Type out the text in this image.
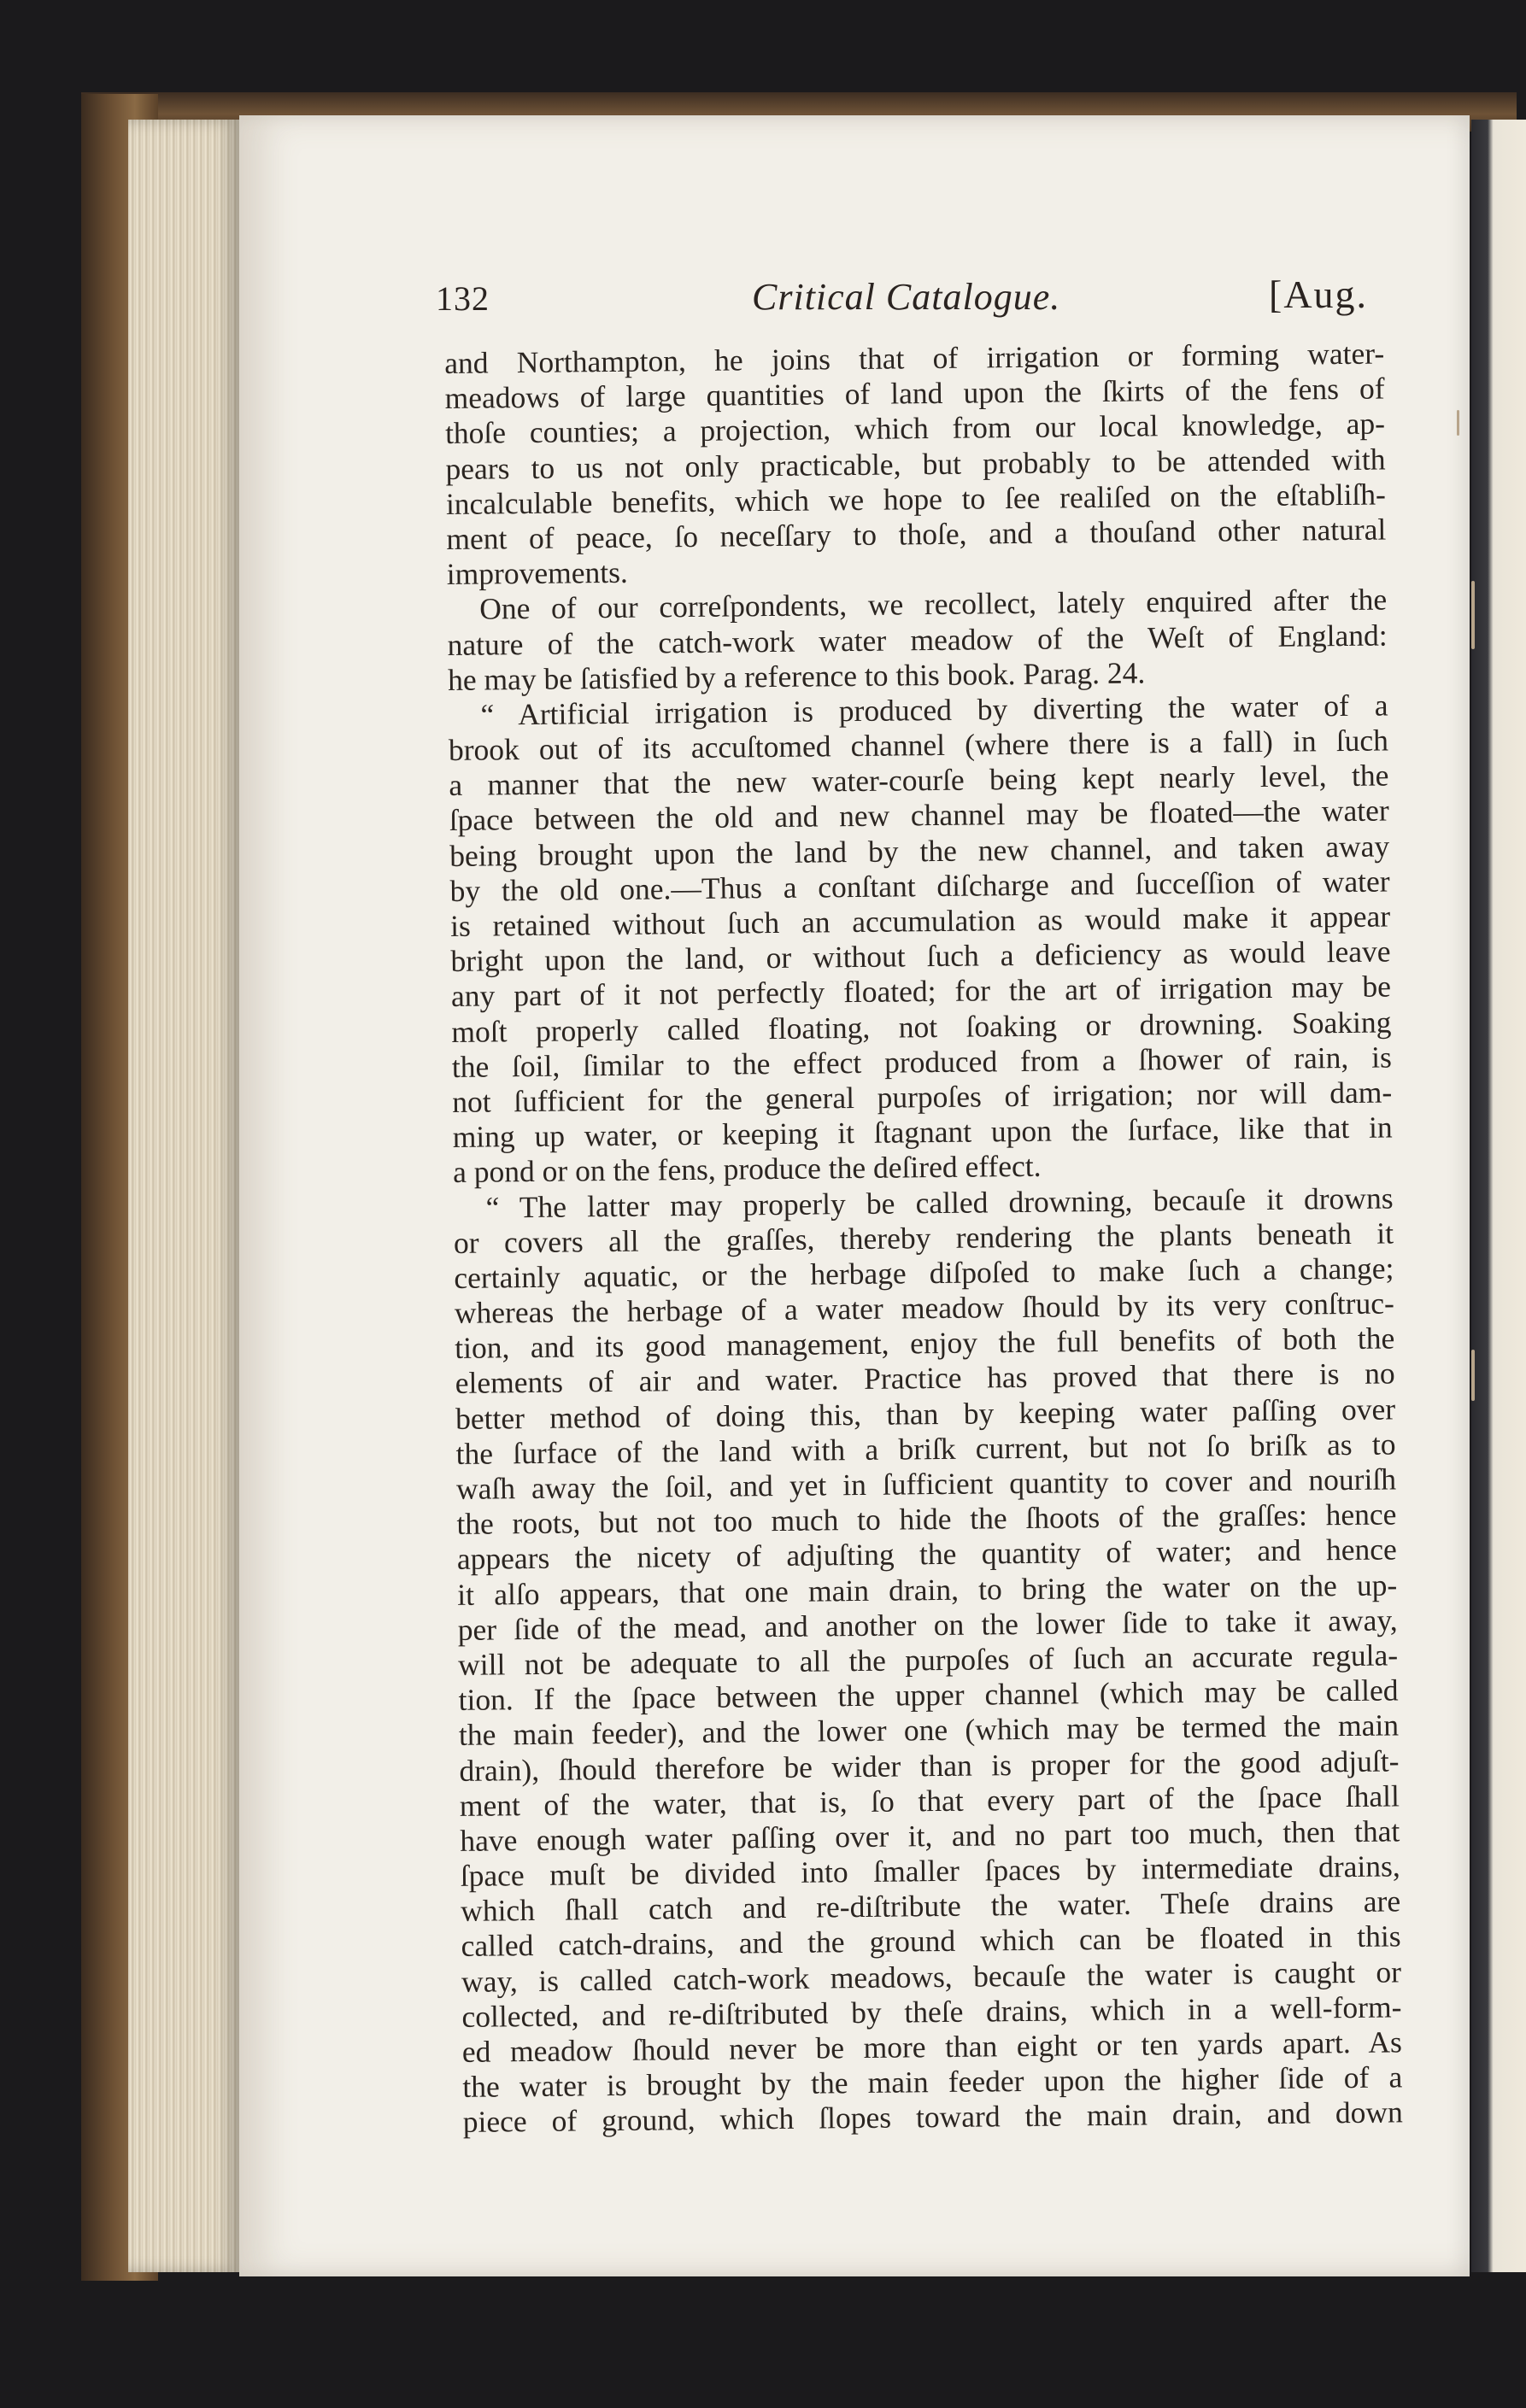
132	Critical Catalogue.	[Aug.
and Northampton, he joins that of irrigation or forming water-
meadows of large quantities of land upon the ſkirts of the fens of
thoſe counties; a projection, which from our local knowledge, ap-
pears to us not only practicable, but probably to be attended with
incalculable benefits, which we hope to ſee realiſed on the eſtabliſh-
ment of peace, ſo neceſſary to thoſe, and a thouſand other natural
improvements.
One of our correſpondents, we recollect, lately enquired after the
nature of the catch-work water meadow of the Weſt of England:
he may be ſatisfied by a reference to this book. Parag. 24.
“ Artificial irrigation is produced by diverting the water of a
brook out of its accuſtomed channel (where there is a fall) in ſuch
a manner that the new water-courſe being kept nearly level, the
ſpace between the old and new channel may be floated—the water
being brought upon the land by the new channel, and taken away
by the old one.—Thus a conſtant diſcharge and ſucceſſion of water
is retained without ſuch an accumulation as would make it appear
bright upon the land, or without ſuch a deficiency as would leave
any part of it not perfectly floated; for the art of irrigation may be
moſt properly called floating, not ſoaking or drowning. Soaking
the ſoil, ſimilar to the effect produced from a ſhower of rain, is
not ſufficient for the general purpoſes of irrigation; nor will dam-
ming up water, or keeping it ſtagnant upon the ſurface, like that in
a pond or on the fens, produce the deſired effect.
“ The latter may properly be called drowning, becauſe it drowns
or covers all the graſſes, thereby rendering the plants beneath it
certainly aquatic, or the herbage diſpoſed to make ſuch a change;
whereas the herbage of a water meadow ſhould by its very conſtruc-
tion, and its good management, enjoy the full benefits of both the
elements of air and water. Practice has proved that there is no
better method of doing this, than by keeping water paſſing over
the ſurface of the land with a briſk current, but not ſo briſk as to
waſh away the ſoil, and yet in ſufficient quantity to cover and nouriſh
the roots, but not too much to hide the ſhoots of the graſſes: hence
appears the nicety of adjuſting the quantity of water; and hence
it alſo appears, that one main drain, to bring the water on the up-
per ſide of the mead, and another on the lower ſide to take it away,
will not be adequate to all the purpoſes of ſuch an accurate regula-
tion. If the ſpace between the upper channel (which may be called
the main feeder), and the lower one (which may be termed the main
drain), ſhould therefore be wider than is proper for the good adjuſt-
ment of the water, that is, ſo that every part of the ſpace ſhall
have enough water paſſing over it, and no part too much, then that
ſpace muſt be divided into ſmaller ſpaces by intermediate drains,
which ſhall catch and re-diſtribute the water. Theſe drains are
called catch-drains, and the ground which can be floated in this
way, is called catch-work meadows, becauſe the water is caught or
collected, and re-diſtributed by theſe drains, which in a well-form-
ed meadow ſhould never be more than eight or ten yards apart. As
the water is brought by the main feeder upon the higher ſide of a
piece of ground, which ſlopes toward the main drain, and down
